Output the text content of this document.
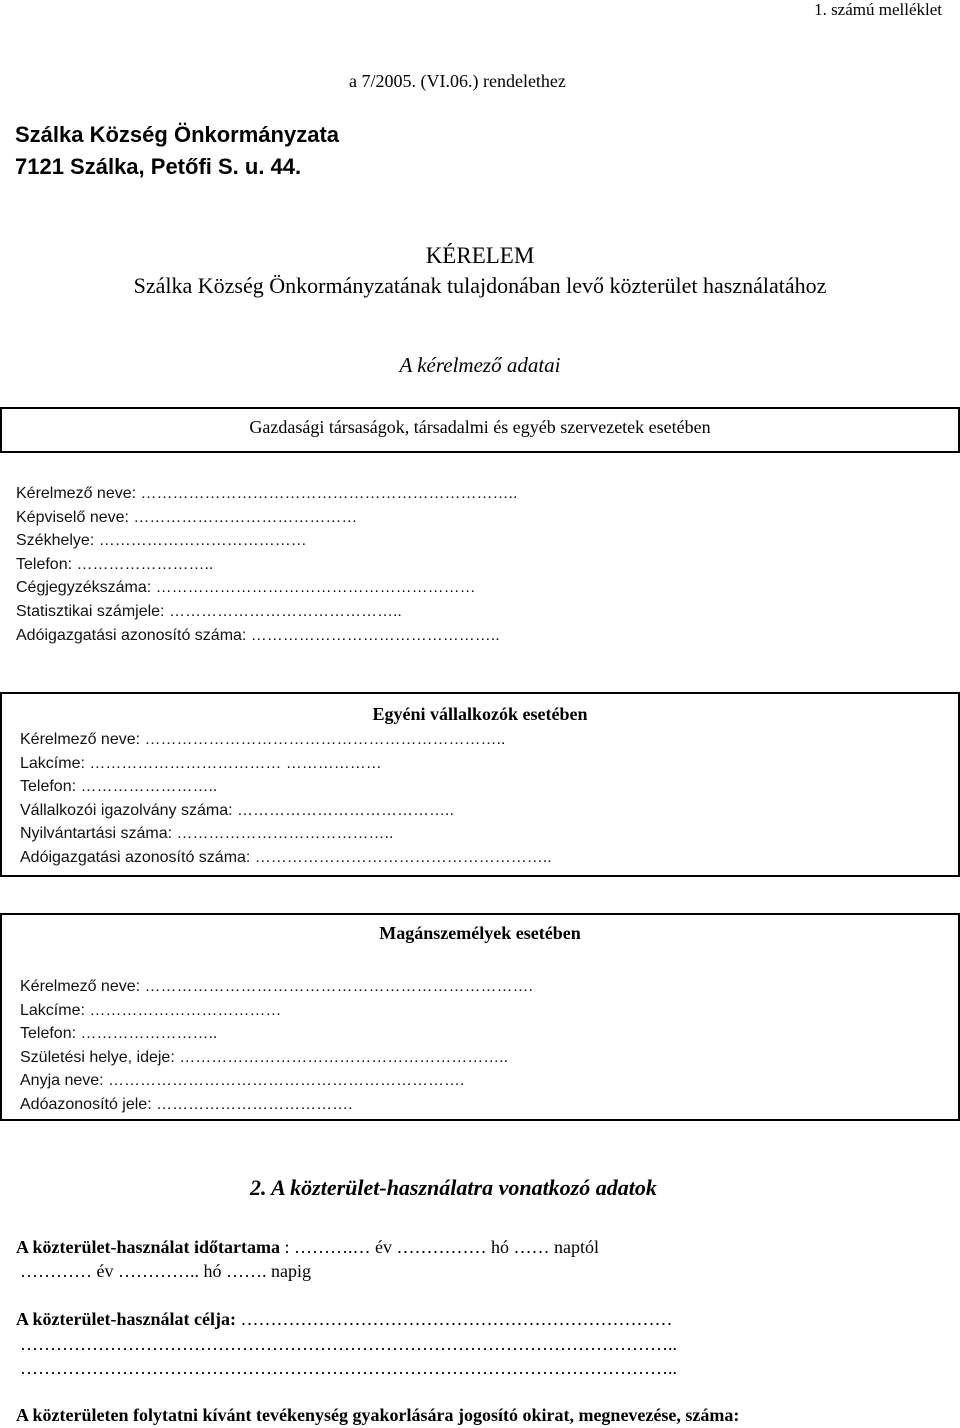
1. számú melléklet
a 7/2005. (VI.06.) rendelethez
Szálka Község Önkormányzata
7121 Szálka, Petőfi S. u. 44.
KÉRELEM
Szálka Község Önkormányzatának tulajdonában levő közterület használatához
A kérelmező adatai
Gazdasági társaságok, társadalmi és egyéb szervezetek esetében
Kérelmező neve: ……………………………………………………………..
Képviselő neve: ……………………………………
Székhelye: …………………………………
Telefon: ……………………..
Cégjegyzékszáma: ……………………………………………………
Statisztikai számjele: ……………………………………..
Adóigazgatási azonosító száma: ………………………………………..
Egyéni vállalkozók esetében
Kérelmező neve: …………………………………………………………..
Lakcíme: ……………………………… ………………
Telefon: ……………………..
Vállalkozói igazolvány száma: …………………………………..
Nyilvántartási száma: …………………………………..
Adóigazgatási azonosító száma: ………………………………………………..
Magánszemélyek esetében
Kérelmező neve: ……………………………………………………………….
Lakcíme: ………………………………
Telefon: ……………………..
Születési helye, ideje: ……………………………………………………..
Anyja neve: ………………………………………………………….
Adóazonosító jele: ……………………………….
2. A közterület-használatra vonatkozó adatok
A közterület-használat időtartama : ……….… év …………… hó …… naptól
………… év ………….. hó ……. napig
A közterület-használat célja: ………………………………………………………………
………………………………………………………………………………………………..
………………………………………………………………………………………………..
A közterületen folytatni kívánt tevékenység gyakorlására jogosító okirat, megnevezése, száma:
